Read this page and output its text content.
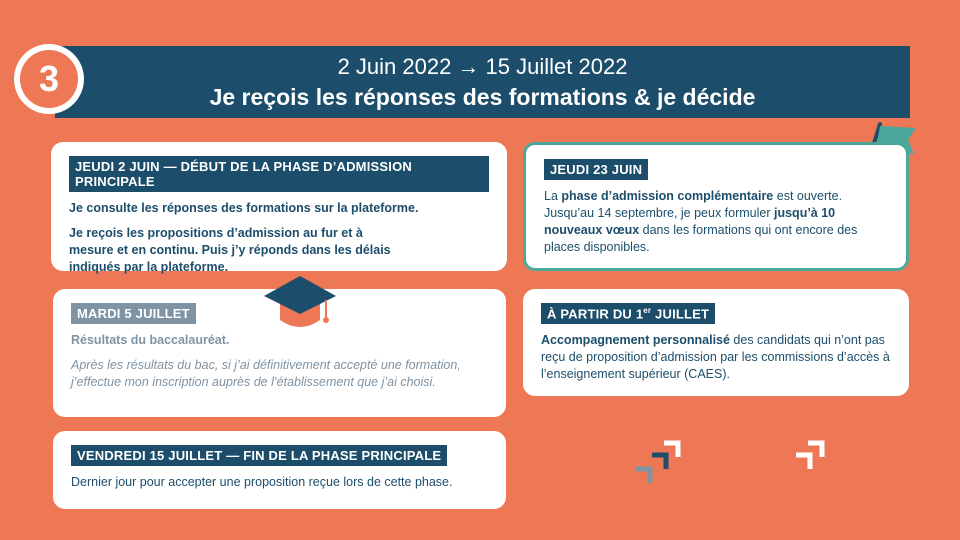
2 Juin 2022 → 15 Juillet 2022
Je reçois les réponses des formations & je décide
3
JEUDI 2 JUIN — DÉBUT DE LA PHASE D’ADMISSION PRINCIPALE
Je consulte les réponses des formations sur la plateforme.
Je reçois les propositions d’admission au fur et à mesure et en continu. Puis j’y réponds dans les délais indiqués par la plateforme.
JEUDI 23 JUIN
La phase d’admission complémentaire est ouverte. Jusqu’au 14 septembre, je peux formuler jusqu’à 10 nouveaux vœux dans les formations qui ont encore des places disponibles.
MARDI 5 JUILLET
Résultats du baccalauréat.
Après les résultats du bac, si j’ai définitivement accepté une formation, j’effectue mon inscription auprès de l’établissement que j’ai choisi.
À PARTIR DU 1er JUILLET
Accompagnement personnalisé des candidats qui n’ont pas reçu de proposition d’admission par les commissions d’accès à l’enseignement supérieur (CAES).
VENDREDI 15 JUILLET — FIN DE LA PHASE PRINCIPALE
Dernier jour pour accepter une proposition reçue lors de cette phase.
